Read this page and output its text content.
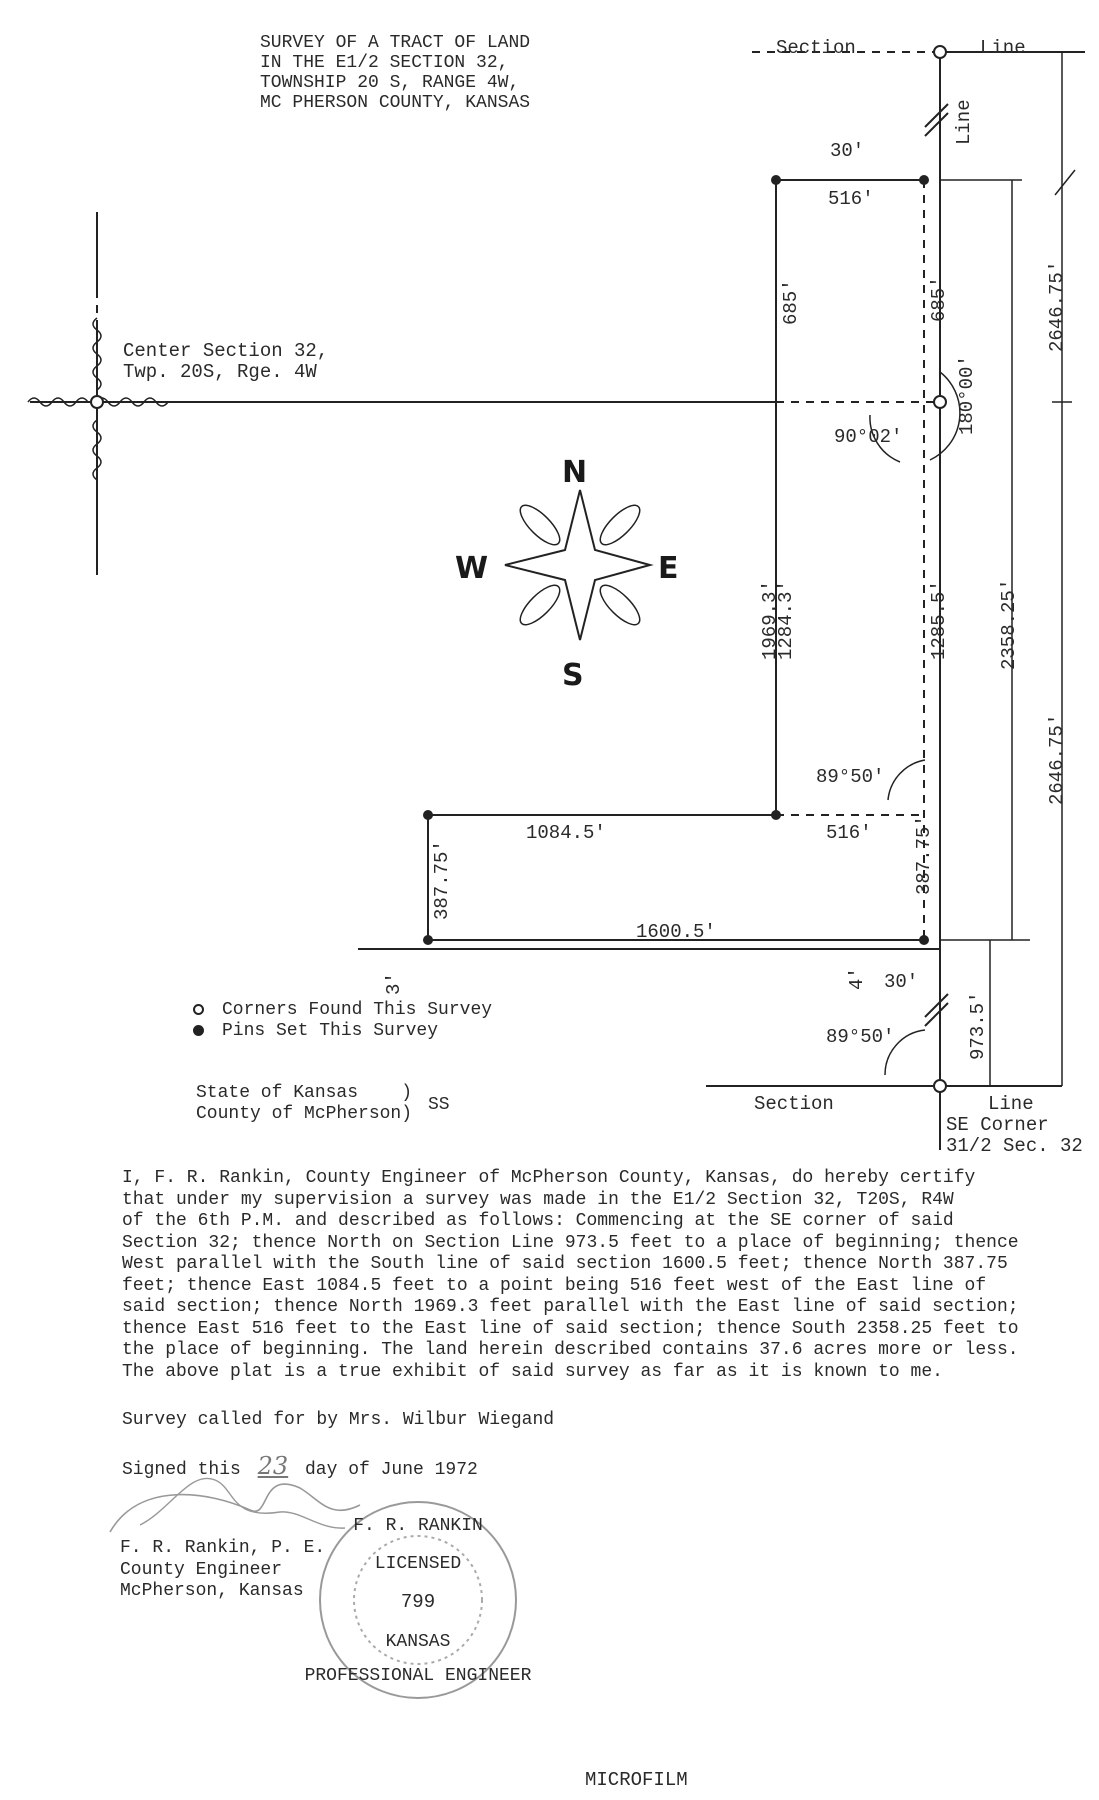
SURVEY OF A TRACT OF LAND
IN THE E1/2 SECTION 32,
TOWNSHIP 20 S, RANGE 4W,
MC PHERSON COUNTY, KANSAS
Section	Line
Line
Section	Line
SE Corner
31/2 Sec. 32
Center Section 32,
Twp. 20S, Rge. 4W
30'
516'
685'	685'	2646.75'
180°00'
90°02'
1969.3'
1284.3'	1285.5'	2358.25'
2646.75'
89°50'
1084.5'	516'
387.75'	387.75'
1600.5'
3'	4' 30'
89°50'	973.5'
N
S
E
W
F. R. RANKIN
LICENSED
799
KANSAS
PROFESSIONAL ENGINEER
MICROFILM
Corners Found This Survey
Pins Set This Survey
State of Kansas    )
County of McPherson) SS
I, F. R. Rankin, County Engineer of McPherson County, Kansas, do hereby certify
that under my supervision a survey was made in the E1/2 Section 32, T20S, R4W
of the 6th P.M. and described as follows: Commencing at the SE corner of said
Section 32; thence North on Section Line 973.5 feet to a place of beginning; thence
West parallel with the South line of said section 1600.5 feet; thence North 387.75
feet; thence East 1084.5 feet to a point being 516 feet west of the East line of
said section; thence North 1969.3 feet parallel with the East line of said section;
thence East 516 feet to the East line of said section; thence South 2358.25 feet to
the place of beginning. The land herein described contains 37.6 acres more or less.
The above plat is a true exhibit of said survey as far as it is known to me.
Survey called for by Mrs. Wilbur Wiegand
Signed this 23 day of June 1972
F. R. Rankin, P. E.
County Engineer
McPherson, Kansas
